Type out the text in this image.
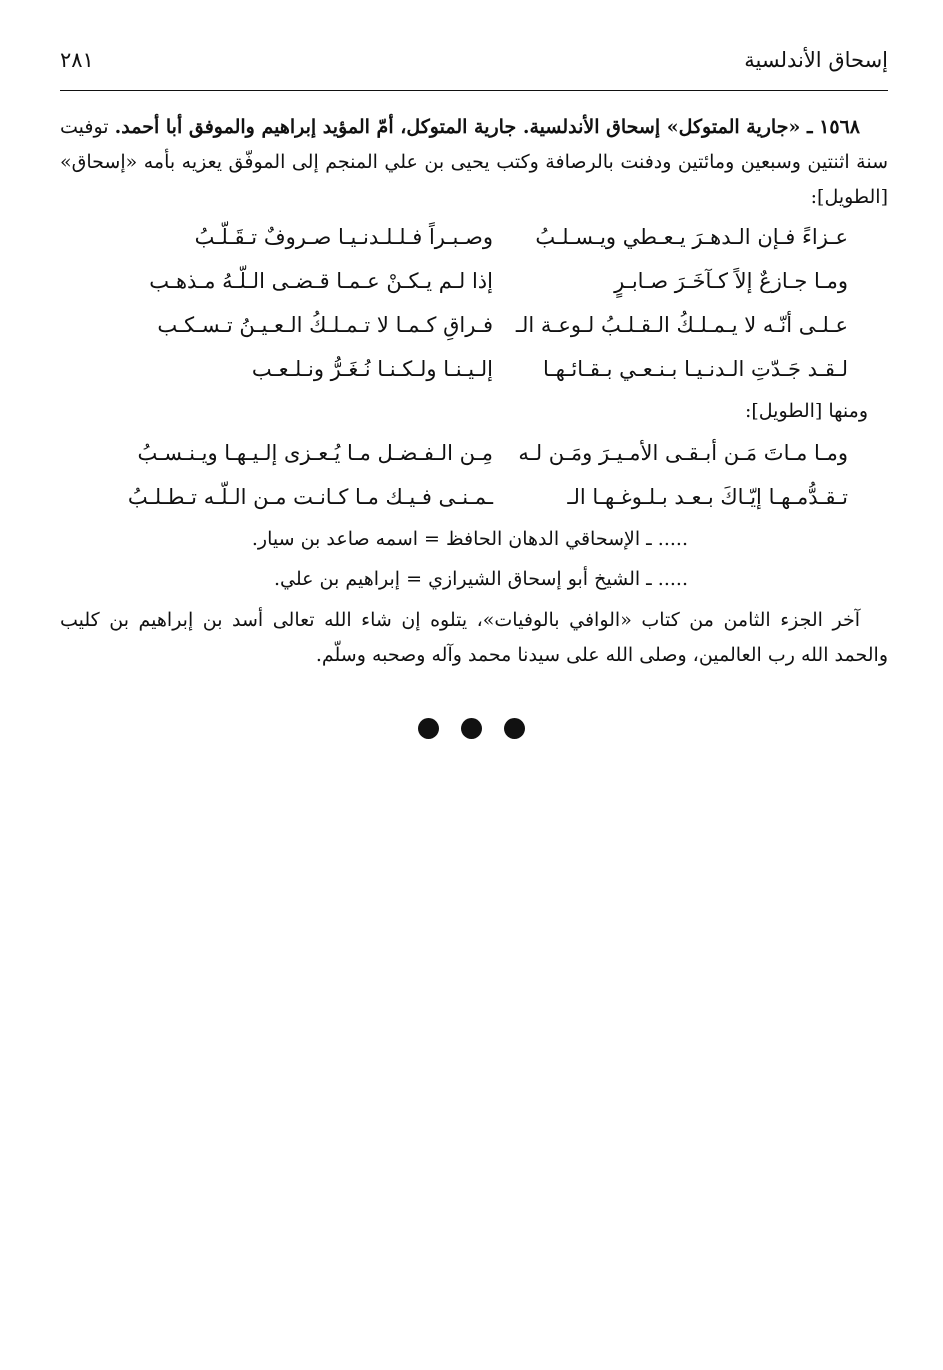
إسحاق الأندلسية
٢٨١

١٥٦٨ ـ «جارية المتوكل» إسحاق الأندلسية. جارية المتوكل، أمّ المؤيد إبراهيم والموفق أبا أحمد. توفيت سنة اثنتين وسبعين ومائتين ودفنت بالرصافة وكتب يحيى بن علي المنجم إلى الموفّق يعزيه بأمه «إسحاق» [الطويل]:

عـزاءً فـإن الـدهـرَ يـعـطي ويـسـلـبُ
وصـبـراً فـلـلـدنـيـا صـروفٌ تـقَـلّـبُ
ومـا جـازعٌ إلاً كـآخَـرَ صـابـرٍ
إذا لـم يـكـنْ عـمـا قـضـى الـلّـهُ مـذهـب
عـلـى أنّـه لا يـمـلـكُ الـقـلـبُ لـوعـة الـ
فـراقِ كـمـا لا تـمـلـكُ الـعـيـنُ تـسـكـب
لـقـد جَـدّتِ الـدنـيـا بـنـعـي بـقـائـهـا
إلـيـنـا ولـكـنـا نُـغَـرُّ ونـلـعـب
ومنها [الطويل]:
ومـا مـاتَ مَـن أبـقـى الأمـيـرَ ومَـن لـه
مِـن الـفـضـل مـا يُـعـزى إلـيـهـا ويـنـسـبُ
تـقـدُّمـهـا إيّـاكَ بـعـد بـلـوغـهـا الـ
ـمـنـى فـيـك مـا كـانـت مـن الـلّـه تـطـلـبُ
..... ـ الإسحاقي الدهان الحافظ = اسمه صاعد بن سيار.
..... ـ الشيخ أبو إسحاق الشيرازي = إبراهيم بن علي.

آخر الجزء الثامن من كتاب «الوافي بالوفيات»، يتلوه إن شاء الله تعالى أسد بن إبراهيم بن كليب والحمد الله رب العالمين، وصلى الله على سيدنا محمد وآله وصحبه وسلّم.
